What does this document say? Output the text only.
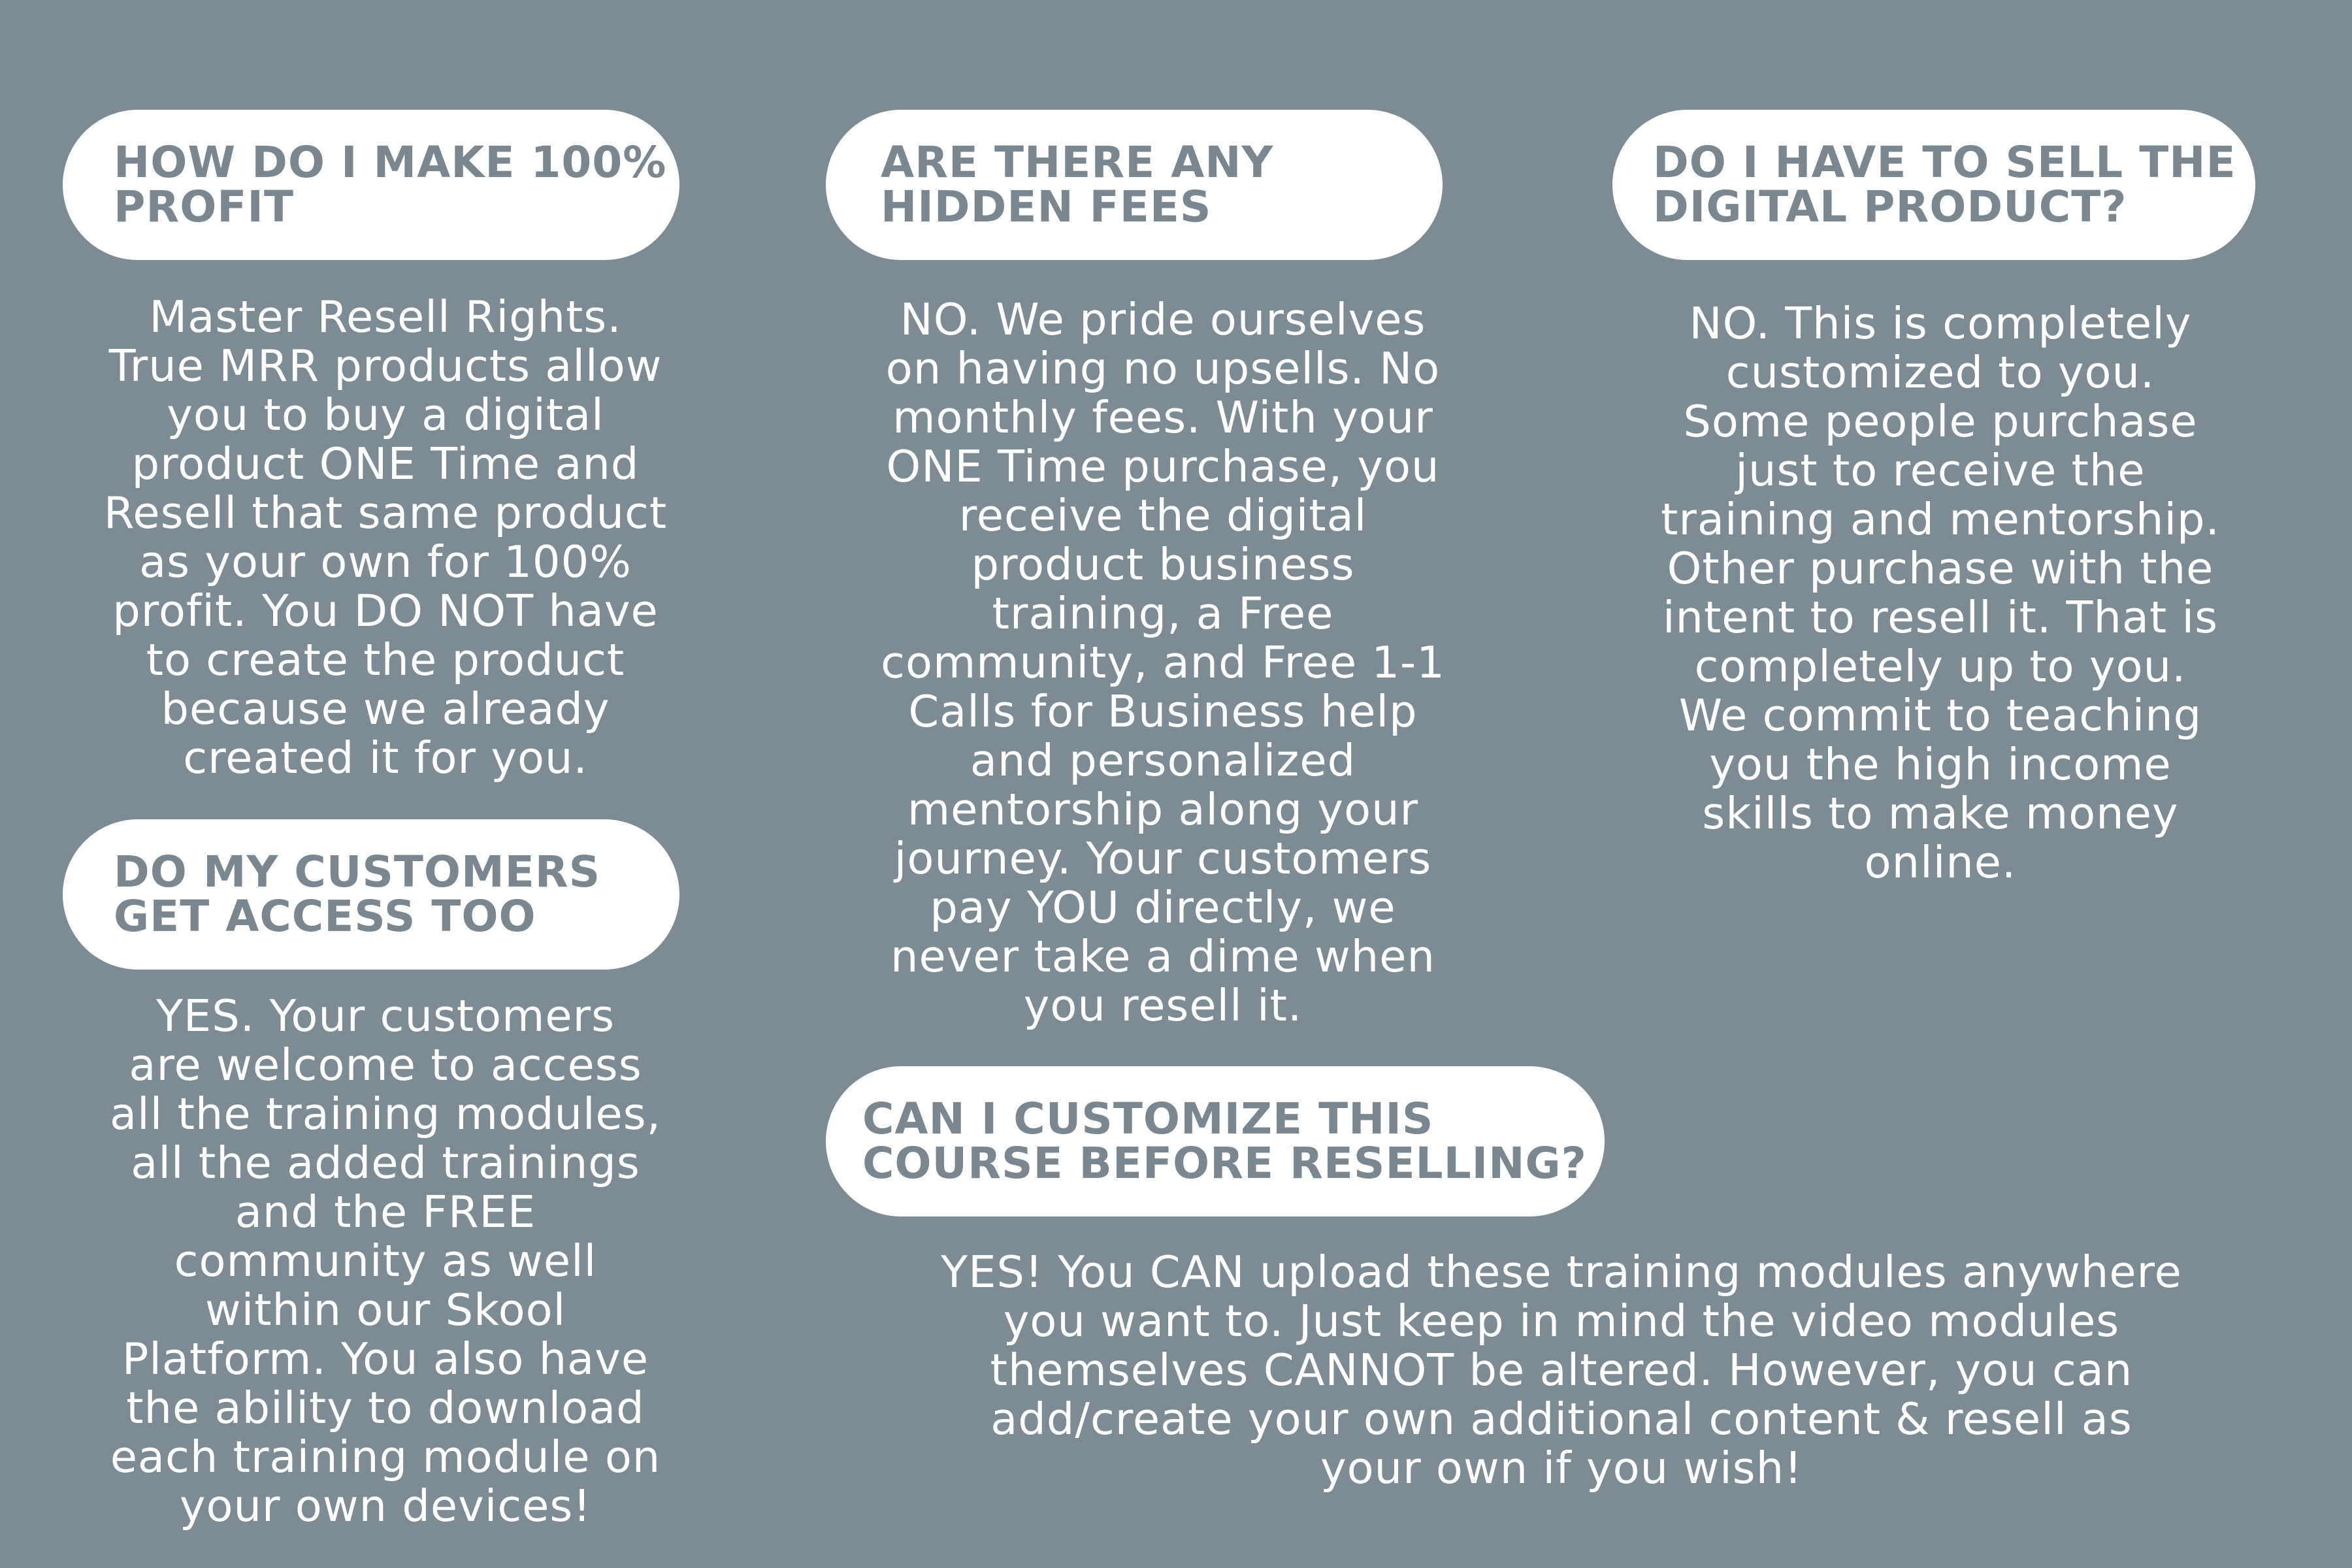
HOW DO I MAKE 100%
PROFIT
Master Resell Rights.
True MRR products allow
you to buy a digital
product ONE Time and
Resell that same product
as your own for 100%
profit. You DO NOT have
to create the product
because we already
created it for you.
ARE THERE ANY
HIDDEN FEES
NO. We pride ourselves
on having no upsells. No
monthly fees. With your
ONE Time purchase, you
receive the digital
product business
training, a Free
community, and Free 1-1
Calls for Business help
and personalized
mentorship along your
journey. Your customers
pay YOU directly, we
never take a dime when
you resell it.
DO I HAVE TO SELL THE
DIGITAL PRODUCT?
NO. This is completely
customized to you.
Some people purchase
just to receive the
training and mentorship.
Other purchase with the
intent to resell it. That is
completely up to you.
We commit to teaching
you the high income
skills to make money
online.
DO MY CUSTOMERS
GET ACCESS TOO
YES. Your customers
are welcome to access
all the training modules,
all the added trainings
and the FREE
community as well
within our Skool
Platform. You also have
the ability to download
each training module on
your own devices!
CAN I CUSTOMIZE THIS
COURSE BEFORE RESELLING?
YES! You CAN upload these training modules anywhere
you want to. Just keep in mind the video modules
themselves CANNOT be altered. However, you can
add/create your own additional content & resell as
your own if you wish!
